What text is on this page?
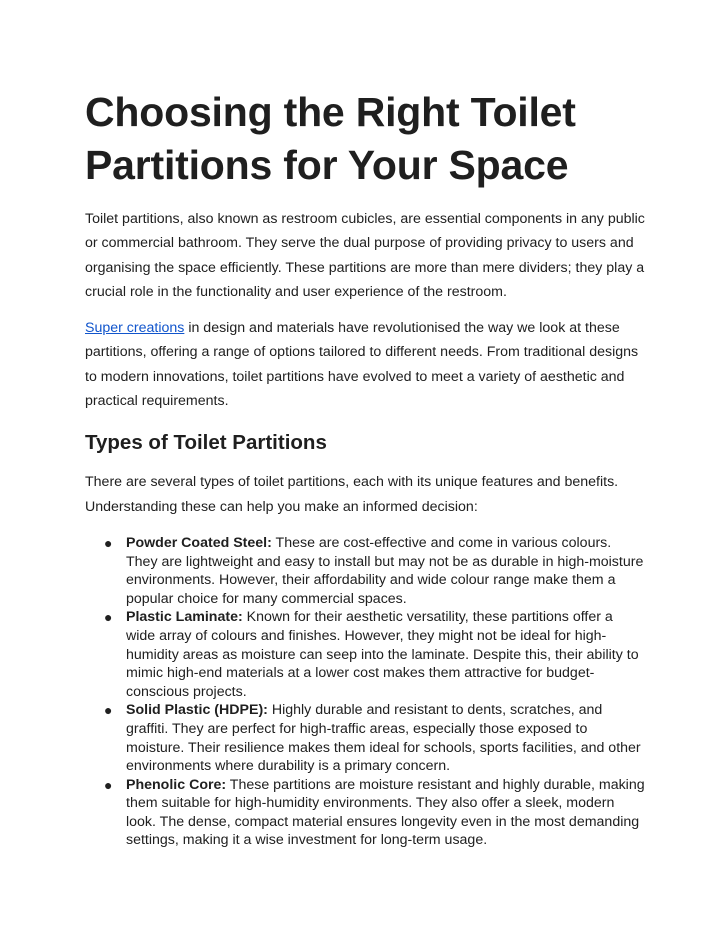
Choosing the Right Toilet Partitions for Your Space

Toilet partitions, also known as restroom cubicles, are essential components in any public or commercial bathroom. They serve the dual purpose of providing privacy to users and organising the space efficiently. These partitions are more than mere dividers; they play a crucial role in the functionality and user experience of the restroom.

Super creations in design and materials have revolutionised the way we look at these partitions, offering a range of options tailored to different needs. From traditional designs to modern innovations, toilet partitions have evolved to meet a variety of aesthetic and practical requirements.

Types of Toilet Partitions

There are several types of toilet partitions, each with its unique features and benefits. Understanding these can help you make an informed decision:

● Powder Coated Steel: These are cost-effective and come in various colours. They are lightweight and easy to install but may not be as durable in high-moisture environments. However, their affordability and wide colour range make them a popular choice for many commercial spaces.
● Plastic Laminate: Known for their aesthetic versatility, these partitions offer a wide array of colours and finishes. However, they might not be ideal for high-humidity areas as moisture can seep into the laminate. Despite this, their ability to mimic high-end materials at a lower cost makes them attractive for budget-conscious projects.
● Solid Plastic (HDPE): Highly durable and resistant to dents, scratches, and graffiti. They are perfect for high-traffic areas, especially those exposed to moisture. Their resilience makes them ideal for schools, sports facilities, and other environments where durability is a primary concern.
● Phenolic Core: These partitions are moisture resistant and highly durable, making them suitable for high-humidity environments. They also offer a sleek, modern look. The dense, compact material ensures longevity even in the most demanding settings, making it a wise investment for long-term usage.
